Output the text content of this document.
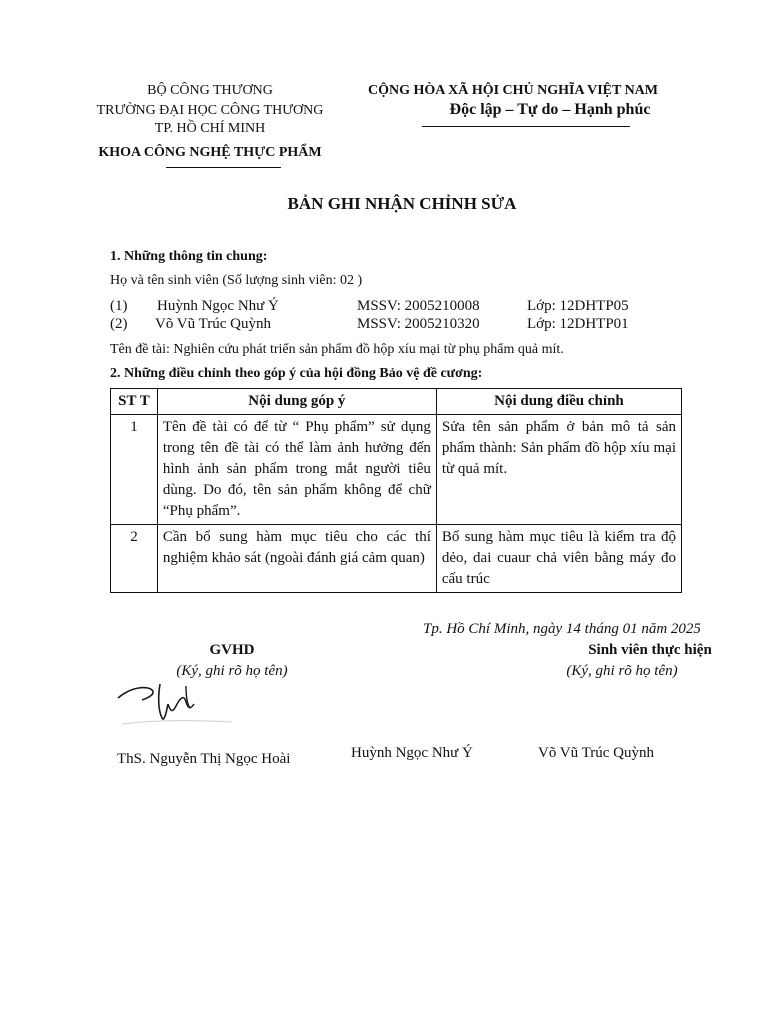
BỘ CÔNG THƯƠNG
TRƯỜNG ĐẠI HỌC CÔNG THƯƠNG
TP. HỒ CHÍ MINH
KHOA CÔNG NGHỆ THỰC PHẨM
CỘNG HÒA XÃ HỘI CHỦ NGHĨA VIỆT NAM
Độc lập – Tự do – Hạnh phúc
BẢN GHI NHẬN CHỈNH SỬA
1. Những thông tin chung:
Họ và tên sinh viên (Số lượng sinh viên: 02 )
(1) Huỳnh Ngọc Như Ý	MSSV: 2005210008	Lớp: 12DHTP05
(2) Võ Vũ Trúc Quỳnh	MSSV: 2005210320	Lớp: 12DHTP01
Tên đề tài: Nghiên cứu phát triển sản phẩm đồ hộp xíu mại từ phụ phẩm quả mít.
2. Những điều chỉnh theo góp ý của hội đồng Bảo vệ đề cương:
ST T	Nội dung góp ý	Nội dung điều chỉnh
1	Tên đề tài có để từ “ Phụ phẩm” sử dụng trong tên đề tài có thể làm ảnh hưởng đến hình ảnh sản phẩm trong mắt người tiêu dùng. Do đó, tên sản phẩm không để chữ “Phụ phẩm”.	Sửa tên sản phẩm ở bản mô tả sản phẩm thành: Sản phẩm đồ hộp xíu mại từ quả mít.
2	Cần bổ sung hàm mục tiêu cho các thí nghiệm khảo sát (ngoài đánh giá cảm quan)	Bổ sung hàm mục tiêu là kiểm tra độ dẻo, dai cuaur chả viên bằng máy đo cấu trúc
Tp. Hồ Chí Minh, ngày 14 tháng 01 năm 2025
GVHD
(Ký, ghi rõ họ tên)
Sinh viên thực hiện
(Ký, ghi rõ họ tên)
ThS. Nguyễn Thị Ngọc Hoài	Huỳnh Ngọc Như Ý	Võ Vũ Trúc Quỳnh
